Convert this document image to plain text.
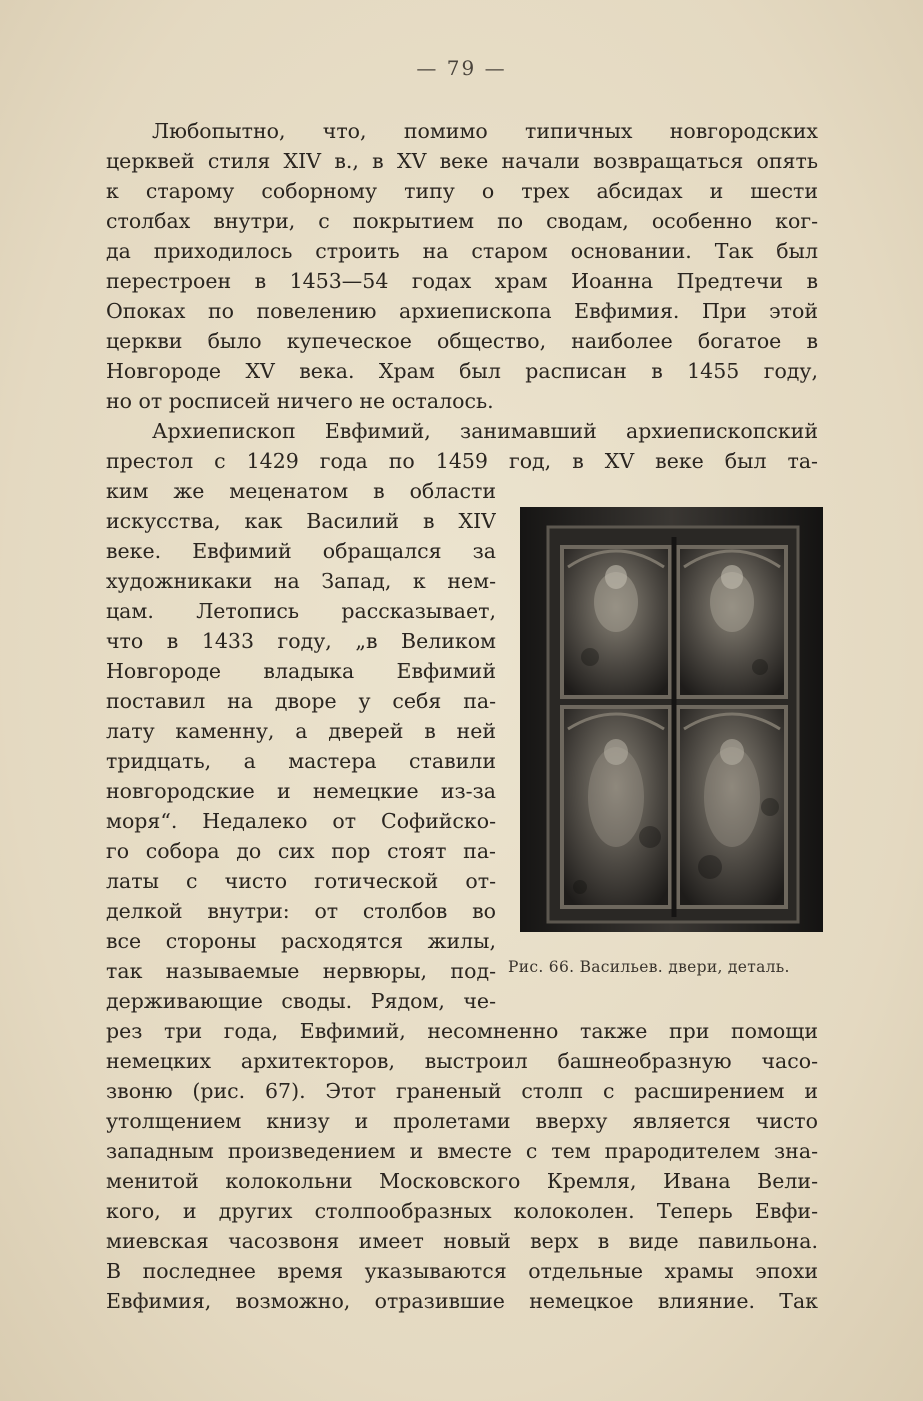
— 79 —
Любопытно, что, помимо типичных новгородских
церквей стиля XIV в., в XV веке начали возвращаться опять
к старому соборному типу о трех абсидах и шести
столбах внутри, с покрытием по сводам, особенно ког-
да приходилось строить на старом основании. Так был
перестроен в 1453—54 годах храм Иоанна Предтечи в
Опоках по повелению архиепископа Евфимия. При этой
церкви было купеческое общество, наиболее богатое в
Новгороде XV века. Храм был расписан в 1455 году,
но от росписей ничего не осталось.
Архиепископ Евфимий, занимавший архиепископский
престол с 1429 года по 1459 год, в XV веке был та-
ким же меценатом в области
искусства, как Василий в XIV
веке. Евфимий обращался за
художникаки на Запад, к нем-
цам. Летопись рассказывает,
что в 1433 году, „в Великом
Новгороде владыка Евфимий
поставил на дворе у себя па-
лату каменну, а дверей в ней
тридцать, а мастера ставили
новгородские и немецкие из-за
моря“. Недалеко от Софийско-
го собора до сих пор стоят па-
латы с чисто готической от-
делкой внутри: от столбов во
все стороны расходятся жилы,
так называемые нервюры, под-
держивающие своды. Рядом, че-
рез три года, Евфимий, несомненно также при помощи
немецких архитекторов, выстроил башнеобразную часо-
звоню (рис. 67). Этот граненый столп с расширением и
утолщением книзу и пролетами вверху является чисто
западным произведением и вместе с тем прародителем зна-
менитой колокольни Московского Кремля, Ивана Вели-
кого, и других столпообразных колоколен. Теперь Евфи-
миевская часозвоня имеет новый верх в виде павильона.
В последнее время указываются отдельные храмы эпохи
Евфимия, возможно, отразившие немецкое влияние. Так
Рис. 66. Васильев. двери, деталь.
